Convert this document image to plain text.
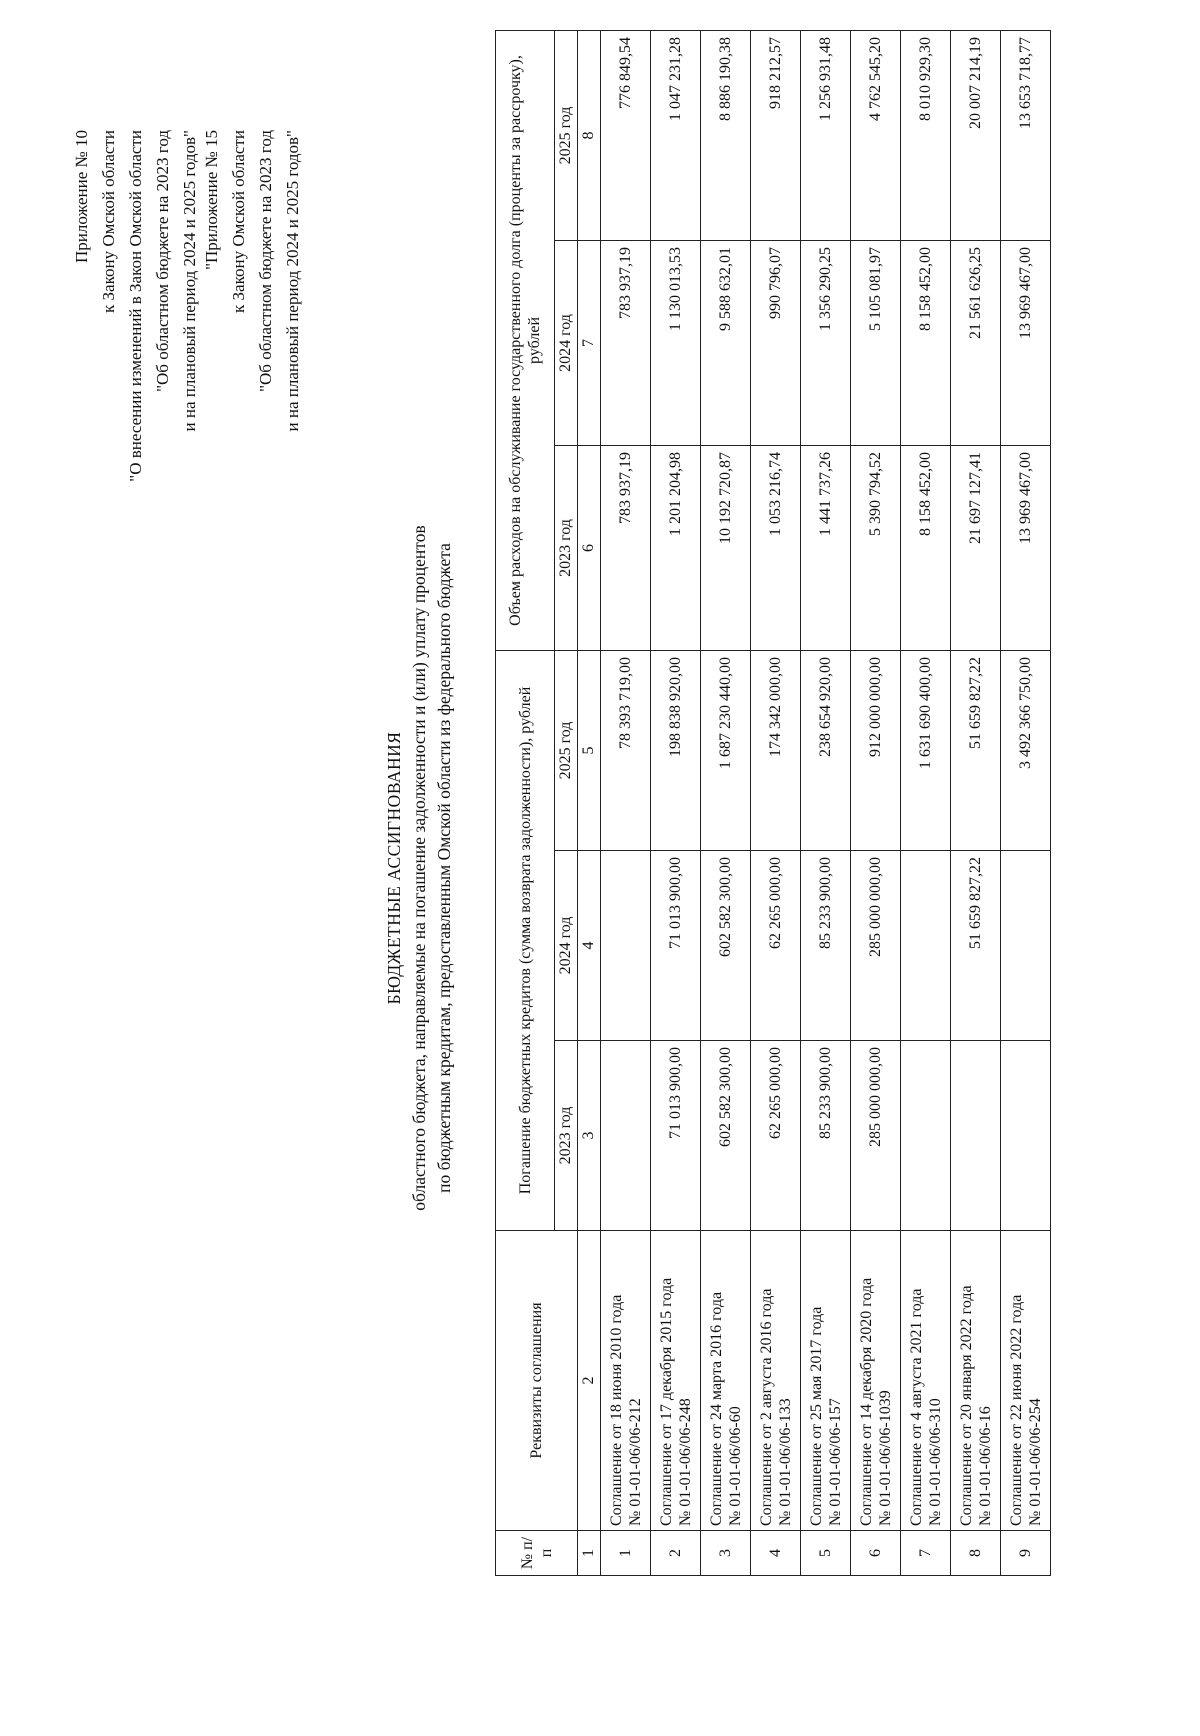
Приложение № 10 к Закону Омской области "О внесении изменений в Закон Омской области "Об областном бюджете на 2023 год и на плановый период 2024 и 2025 годов" "Приложение № 15 к Закону Омской области "Об областном бюджете на 2023 год и на плановый период 2024 и 2025 годов"
БЮДЖЕТНЫЕ АССИГНОВАНИЯ областного бюджета, направляемые на погашение задолженности и (или) уплату процентов по бюджетным кредитам, предоставленным Омской области из федерального бюджета
№ п/п	Реквизиты соглашения	Погашение бюджетных кредитов (сумма возврата задолженности), рублей			Объем расходов на обслуживание государственного долга (проценты за рассрочку), рублей		
		2023 год	2024 год	2025 год	2023 год	2024 год	2025 год
1	2	3	4	5	6	7	8
1	Соглашение от 18 июня 2010 года № 01-01-06/06-212			78 393 719,00	783 937,19	783 937,19	776 849,54
2	Соглашение от 17 декабря 2015 года № 01-01-06/06-248	71 013 900,00	71 013 900,00	198 838 920,00	1 201 204,98	1 130 013,53	1 047 231,28
3	Соглашение от 24 марта 2016 года № 01-01-06/06-60	602 582 300,00	602 582 300,00	1 687 230 440,00	10 192 720,87	9 588 632,01	8 886 190,38
4	Соглашение от 2 августа 2016 года № 01-01-06/06-133	62 265 000,00	62 265 000,00	174 342 000,00	1 053 216,74	990 796,07	918 212,57
5	Соглашение от 25 мая 2017 года № 01-01-06/06-157	85 233 900,00	85 233 900,00	238 654 920,00	1 441 737,26	1 356 290,25	1 256 931,48
6	Соглашение от 14 декабря 2020 года № 01-01-06/06-1039	285 000 000,00	285 000 000,00	912 000 000,00	5 390 794,52	5 105 081,97	4 762 545,20
7	Соглашение от 4 августа 2021 года № 01-01-06/06-310			1 631 690 400,00	8 158 452,00	8 158 452,00	8 010 929,30
8	Соглашение от 20 января 2022 года № 01-01-06/06-16		51 659 827,22	51 659 827,22	21 697 127,41	21 561 626,25	20 007 214,19
9	Соглашение от 22 июня 2022 года № 01-01-06/06-254			3 492 366 750,00	13 969 467,00	13 969 467,00	13 653 718,77
